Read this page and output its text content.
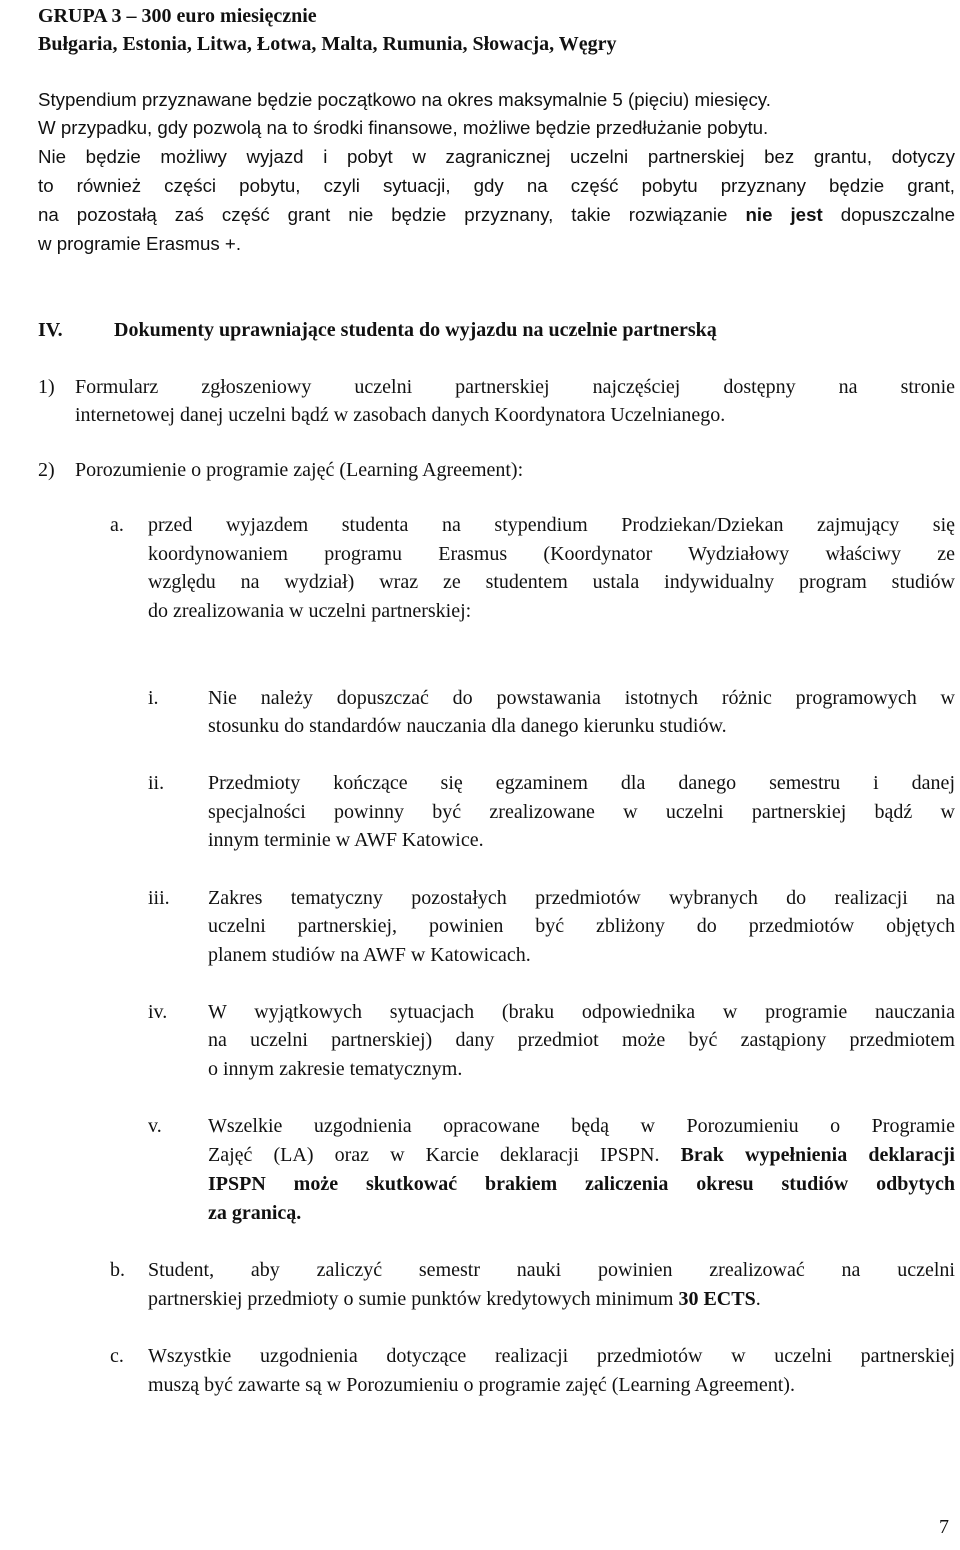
GRUPA 3 – 300 euro miesięcznie
Bułgaria, Estonia, Litwa, Łotwa, Malta, Rumunia, Słowacja, Węgry
Stypendium przyznawane będzie początkowo na okres maksymalnie 5 (pięciu) miesięcy.
W przypadku, gdy pozwolą na to środki finansowe, możliwe będzie przedłużanie pobytu.
Nie będzie możliwy wyjazd i pobyt w zagranicznej uczelni partnerskiej bez grantu, dotyczy
to również części pobytu, czyli sytuacji, gdy na część pobytu przyznany będzie grant,
na pozostałą zaś część grant nie będzie przyznany, takie rozwiązanie nie jest dopuszczalne
w programie Erasmus +.
IV.	Dokumenty uprawniające studenta do wyjazdu na uczelnie partnerską
1) Formularz zgłoszeniowy uczelni partnerskiej najczęściej dostępny na stronie
internetowej danej uczelni bądź w zasobach danych Koordynatora Uczelnianego.
2) Porozumienie o programie zajęć (Learning Agreement):
a. przed wyjazdem studenta na stypendium Prodziekan/Dziekan zajmujący się
koordynowaniem programu Erasmus (Koordynator Wydziałowy właściwy ze
względu na wydział) wraz ze studentem ustala indywidualny program studiów
do zrealizowania w uczelni partnerskiej:
i. Nie należy dopuszczać do powstawania istotnych różnic programowych w
stosunku do standardów nauczania dla danego kierunku studiów.
ii. Przedmioty kończące się egzaminem dla danego semestru i danej
specjalności powinny być zrealizowane w uczelni partnerskiej bądź w
innym terminie w AWF Katowice.
iii. Zakres tematyczny pozostałych przedmiotów wybranych do realizacji na
uczelni partnerskiej, powinien być zbliżony do przedmiotów objętych
planem studiów na AWF w Katowicach.
iv. W wyjątkowych sytuacjach (braku odpowiednika w programie nauczania
na uczelni partnerskiej) dany przedmiot może być zastąpiony przedmiotem
o innym zakresie tematycznym.
v. Wszelkie uzgodnienia opracowane będą w Porozumieniu o Programie
Zajęć (LA) oraz w Karcie deklaracji IPSPN. Brak wypełnienia deklaracji
IPSPN może skutkować brakiem zaliczenia okresu studiów odbytych
za granicą.
b. Student, aby zaliczyć semestr nauki powinien zrealizować na uczelni
partnerskiej przedmioty o sumie punktów kredytowych minimum 30 ECTS.
c. Wszystkie uzgodnienia dotyczące realizacji przedmiotów w uczelni partnerskiej
muszą być zawarte są w Porozumieniu o programie zajęć (Learning Agreement).
7
